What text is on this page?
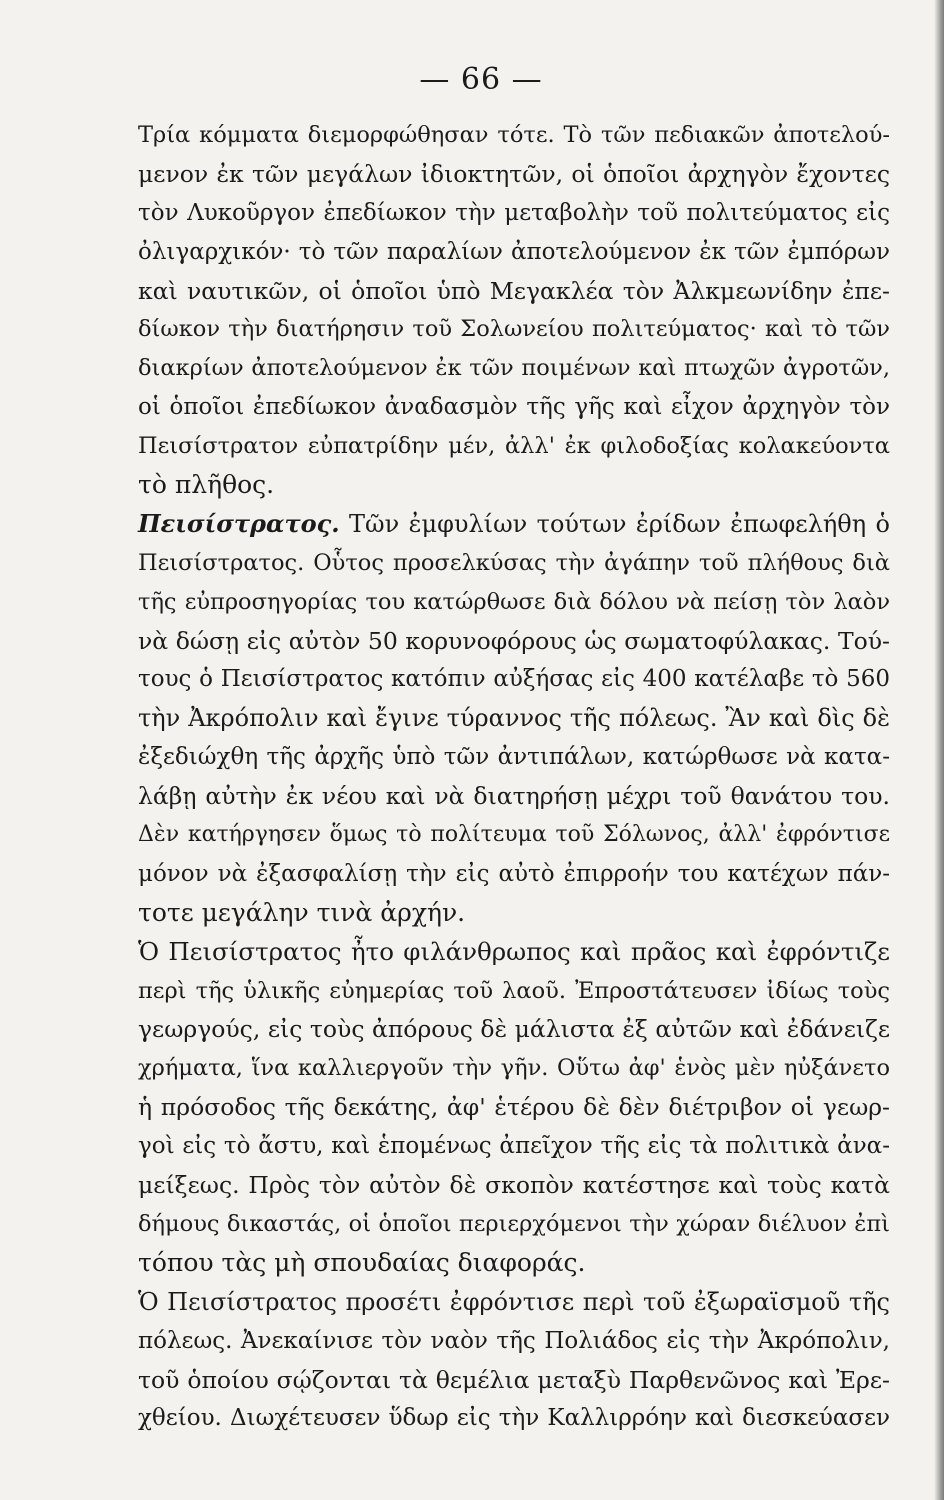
— 66 —
Τρία κόμματα διεμορφώθησαν τότε. Τὸ τῶν πεδιακῶν ἀποτελού-
μενον ἐκ τῶν μεγάλων ἰδιοκτητῶν, οἱ ὁποῖοι ἀρχηγὸν ἔχοντες
τὸν Λυκοῦργον ἐπεδίωκον τὴν μεταβολὴν τοῦ πολιτεύματος εἰς
ὀλιγαρχικόν· τὸ τῶν παραλίων ἀποτελούμενον ἐκ τῶν ἐμπόρων
καὶ ναυτικῶν, οἱ ὁποῖοι ὑπὸ Μεγακλέα τὸν Ἀλκμεωνίδην ἐπε-
δίωκον τὴν διατήρησιν τοῦ Σολωνείου πολιτεύματος· καὶ τὸ τῶν
διακρίων ἀποτελούμενον ἐκ τῶν ποιμένων καὶ πτωχῶν ἀγροτῶν,
οἱ ὁποῖοι ἐπεδίωκον ἀναδασμὸν τῆς γῆς καὶ εἶχον ἀρχηγὸν τὸν
Πεισίστρατον εὐπατρίδην μέν, ἀλλ' ἐκ φιλοδοξίας κολακεύοντα
τὸ πλῆθος.
Πεισίστρατος. Τῶν ἐμφυλίων τούτων ἐρίδων ἐπωφελήθη ὁ
Πεισίστρατος. Οὗτος προσελκύσας τὴν ἀγάπην τοῦ πλήθους διὰ
τῆς εὐπροσηγορίας του κατώρθωσε διὰ δόλου νὰ πείσῃ τὸν λαὸν
νὰ δώσῃ εἰς αὐτὸν 50 κορυνοφόρους ὡς σωματοφύλακας. Τού-
τους ὁ Πεισίστρατος κατόπιν αὐξήσας εἰς 400 κατέλαβε τὸ 560
τὴν Ἀκρόπολιν καὶ ἔγινε τύραννος τῆς πόλεως. Ἂν καὶ δὶς δὲ
ἐξεδιώχθη τῆς ἀρχῆς ὑπὸ τῶν ἀντιπάλων, κατώρθωσε νὰ κατα-
λάβῃ αὐτὴν ἐκ νέου καὶ νὰ διατηρήσῃ μέχρι τοῦ θανάτου του.
Δὲν κατήργησεν ὅμως τὸ πολίτευμα τοῦ Σόλωνος, ἀλλ' ἐφρόντισε
μόνον νὰ ἐξασφαλίσῃ τὴν εἰς αὐτὸ ἐπιρροήν του κατέχων πάν-
τοτε μεγάλην τινὰ ἀρχήν.
Ὁ Πεισίστρατος ἦτο φιλάνθρωπος καὶ πρᾶος καὶ ἐφρόντιζε
περὶ τῆς ὑλικῆς εὐημερίας τοῦ λαοῦ. Ἐπροστάτευσεν ἰδίως τοὺς
γεωργούς, εἰς τοὺς ἀπόρους δὲ μάλιστα ἐξ αὐτῶν καὶ ἐδάνειζε
χρήματα, ἵνα καλλιεργοῦν τὴν γῆν. Οὕτω ἀφ' ἑνὸς μὲν ηὐξάνετο
ἡ πρόσοδος τῆς δεκάτης, ἀφ' ἑτέρου δὲ δὲν διέτριβον οἱ γεωρ-
γοὶ εἰς τὸ ἄστυ, καὶ ἑπομένως ἀπεῖχον τῆς εἰς τὰ πολιτικὰ ἀνα-
μείξεως. Πρὸς τὸν αὐτὸν δὲ σκοπὸν κατέστησε καὶ τοὺς κατὰ
δήμους δικαστάς, οἱ ὁποῖοι περιερχόμενοι τὴν χώραν διέλυον ἐπὶ
τόπου τὰς μὴ σπουδαίας διαφοράς.
Ὁ Πεισίστρατος προσέτι ἐφρόντισε περὶ τοῦ ἐξωραϊσμοῦ τῆς
πόλεως. Ἀνεκαίνισε τὸν ναὸν τῆς Πολιάδος εἰς τὴν Ἀκρόπολιν,
τοῦ ὁποίου σῴζονται τὰ θεμέλια μεταξὺ Παρθενῶνος καὶ Ἐρε-
χθείου. Διωχέτευσεν ὕδωρ εἰς τὴν Καλλιρρόην καὶ διεσκεύασεν
